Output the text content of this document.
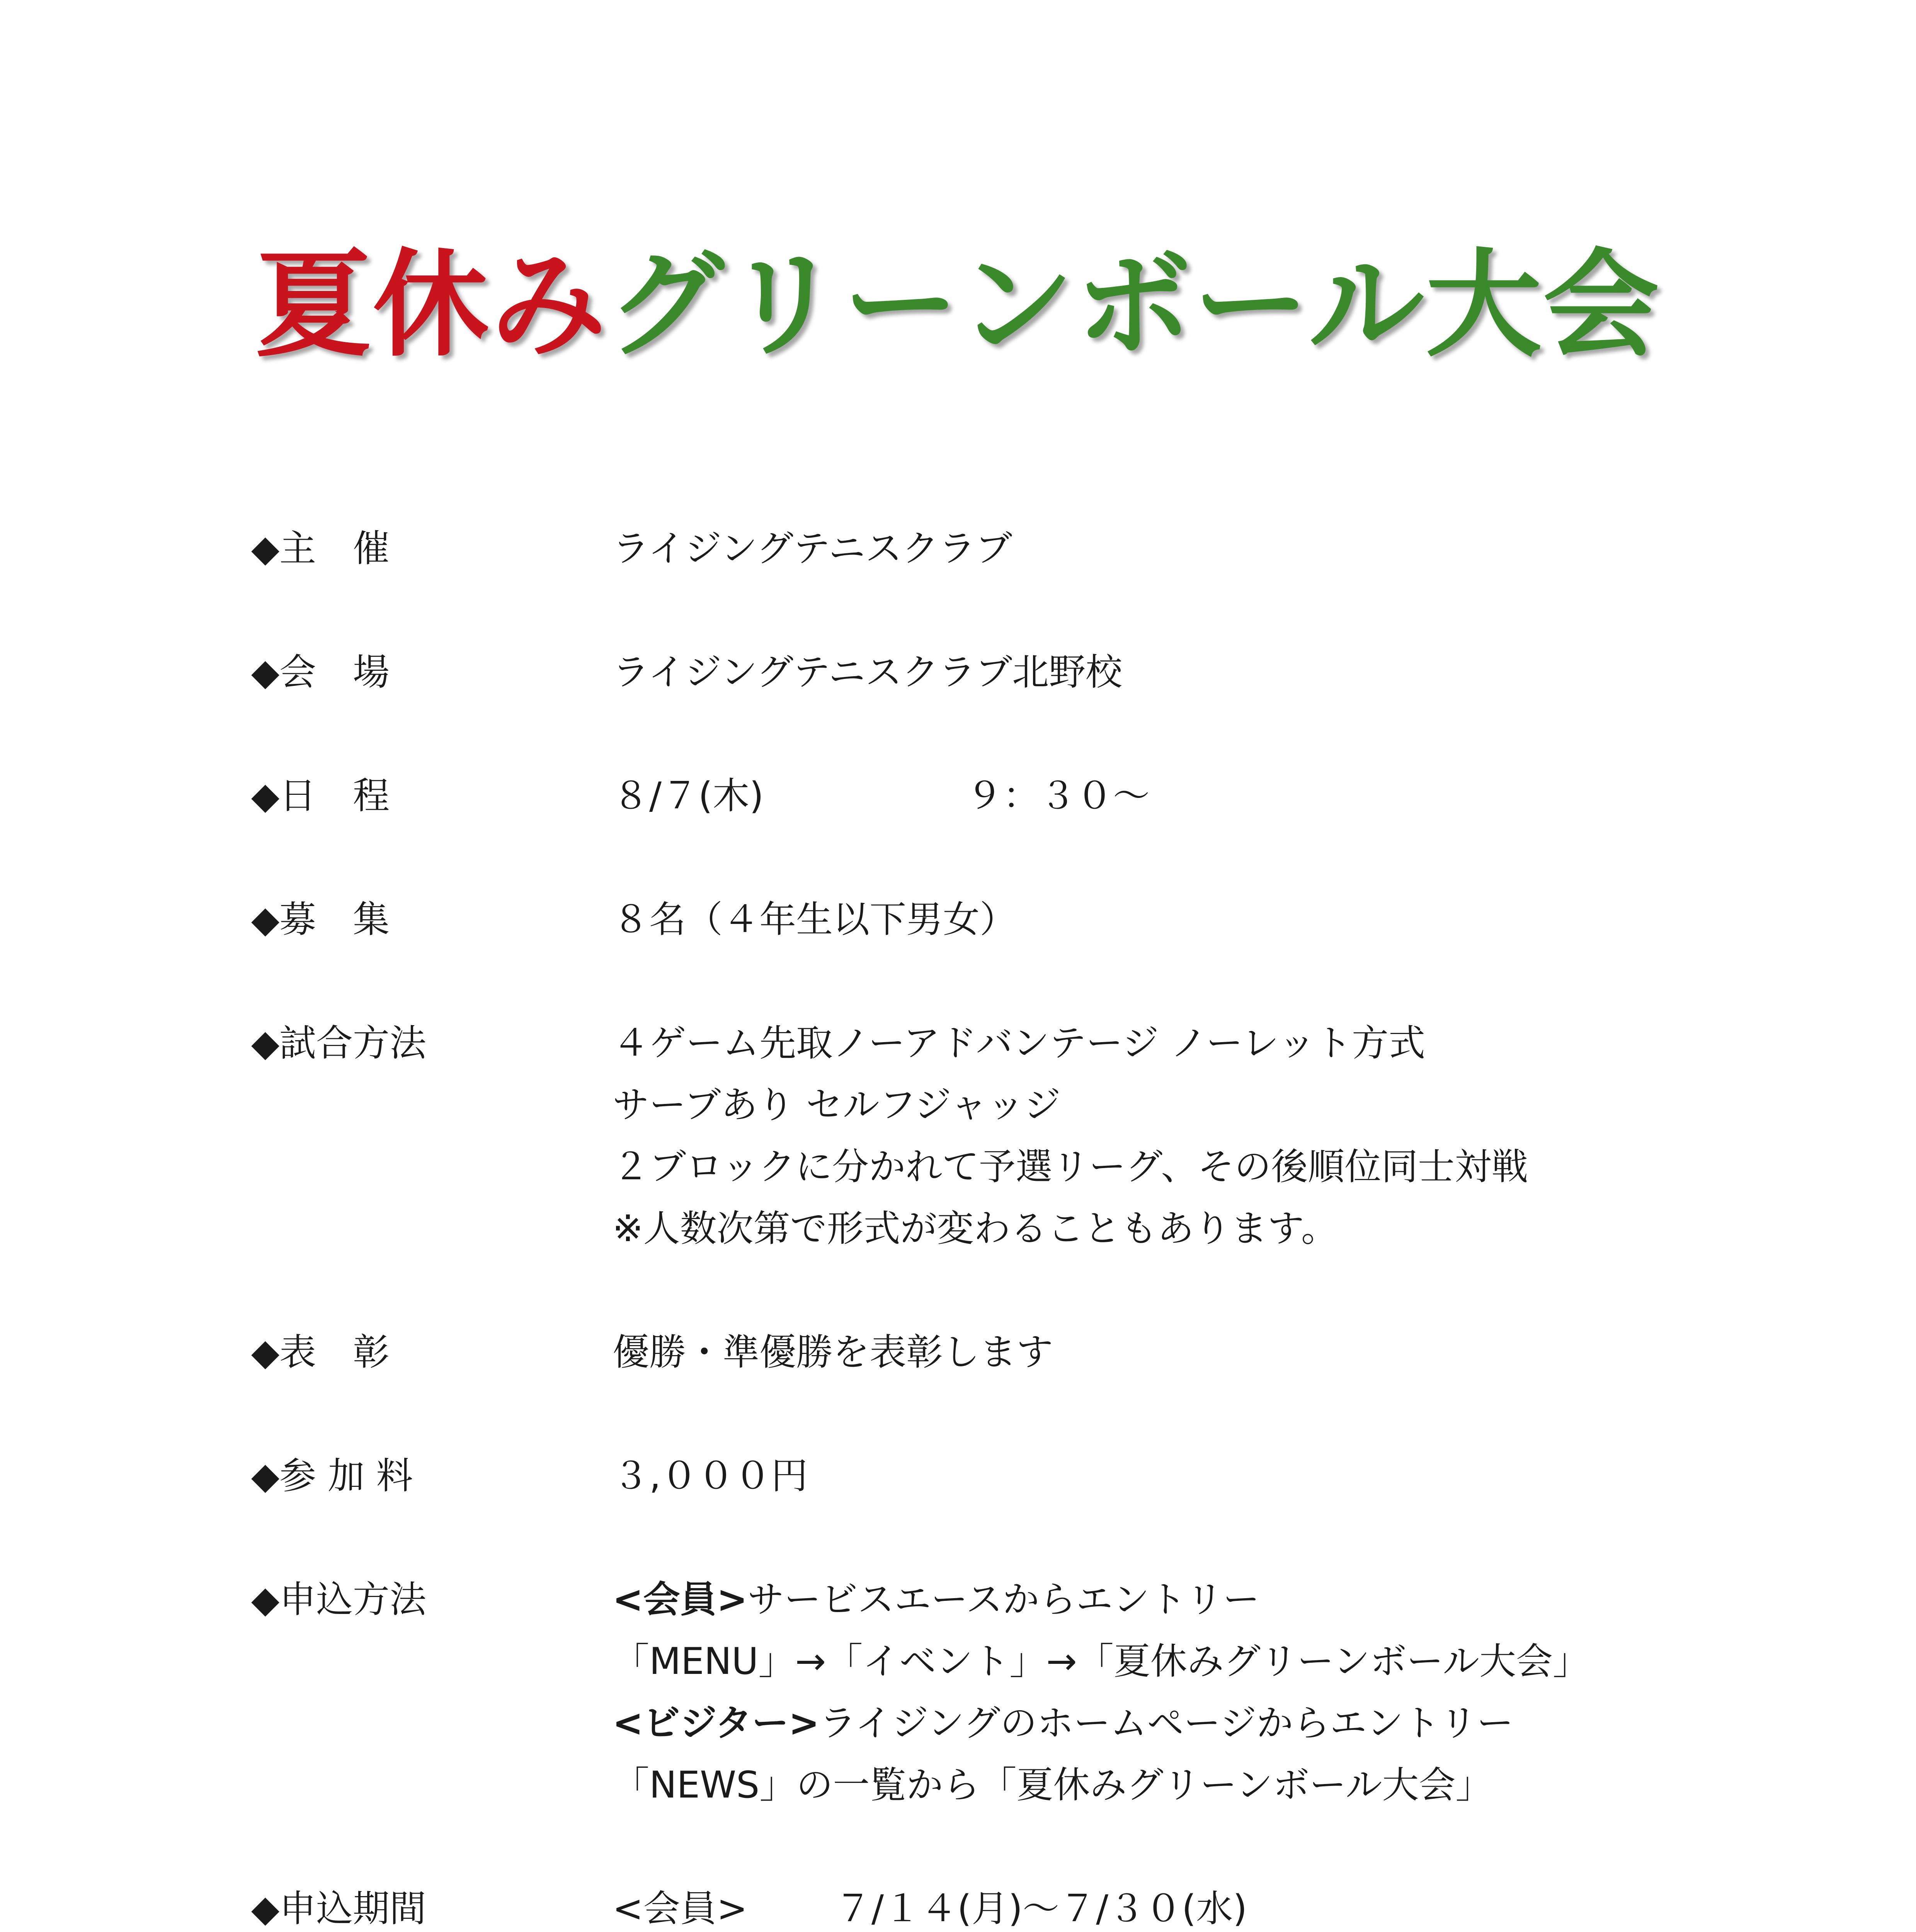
夏休みグリーンボール大会
◆主　催	ライジングテニスクラブ
◆会　場	ライジングテニスクラブ北野校
◆日　程	８/７(木)	９：３０～
◆募　集	８名（４年生以下男女）
◆試合方法	４ゲーム先取ノーアドバンテージ ノーレット方式
サーブあり セルフジャッジ
２ブロックに分かれて予選リーグ、その後順位同士対戦
※人数次第で形式が変わることもあります。
◆表　彰	優勝・準優勝を表彰します
◆参 加 料	３,０００円
◆申込方法	<会員>サービスエースからエントリー
「MENU」→「イベント」→「夏休みグリーンボール大会」
<ビジター>ライジングのホームページからエントリー
「NEWS」の一覧から「夏休みグリーンボール大会」
◆申込期間	<会員> ７/１４(月)～７/３０(水)
